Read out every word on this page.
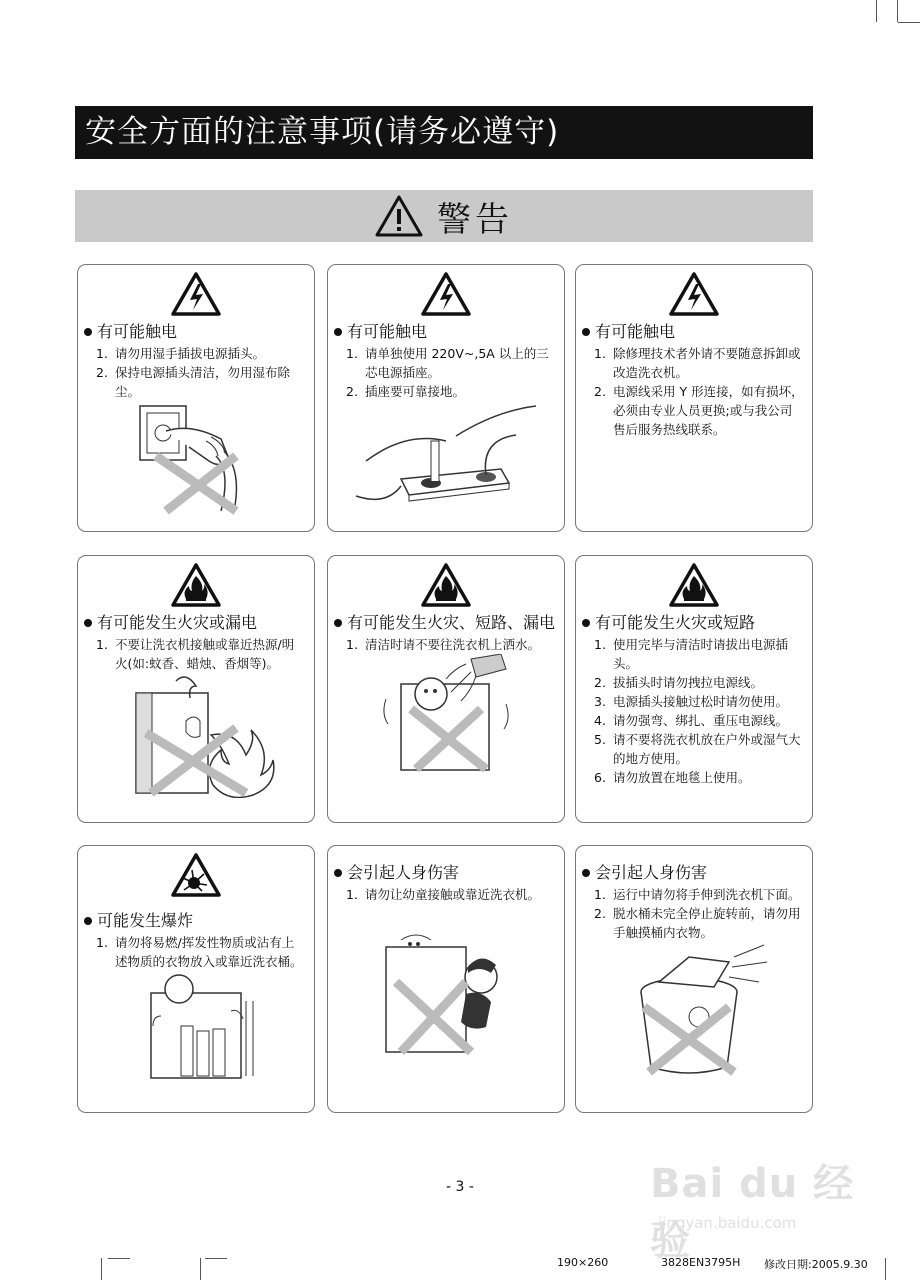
安全方面的注意事项(请务必遵守)
警告
有可能触电
1. 请勿用湿手插拔电源插头。
2. 保持电源插头清洁，勿用湿布除尘。
有可能触电
1. 请单独使用 220V~,5A 以上的三芯电源插座。
2. 插座要可靠接地。
有可能触电
1. 除修理技术者外请不要随意拆卸或改造洗衣机。
2. 电源线采用 Y 形连接，如有损坏，必须由专业人员更换;或与我公司售后服务热线联系。
有可能发生火灾或漏电
1. 不要让洗衣机接触或靠近热源/明火(如:蚊香、蜡烛、香烟等)。
有可能发生火灾、短路、漏电
1. 清洁时请不要往洗衣机上洒水。
有可能发生火灾或短路
1. 使用完毕与清洁时请拔出电源插头。
2. 拔插头时请勿拽拉电源线。
3. 电源插头接触过松时请勿使用。
4. 请勿强弯、绑扎、重压电源线。
5. 请不要将洗衣机放在户外或湿气大的地方使用。
6. 请勿放置在地毯上使用。
可能发生爆炸
1. 请勿将易燃/挥发性物质或沾有上述物质的衣物放入或靠近洗衣桶。
会引起人身伤害
1. 请勿让幼童接触或靠近洗衣机。
会引起人身伤害
1. 运行中请勿将手伸到洗衣机下面。
2. 脱水桶未完全停止旋转前，请勿用手触摸桶内衣物。
- 3 -	Bai du 经验
jingyan.baidu.com
190×260	3828EN3795H 修改日期:2005.9.30
